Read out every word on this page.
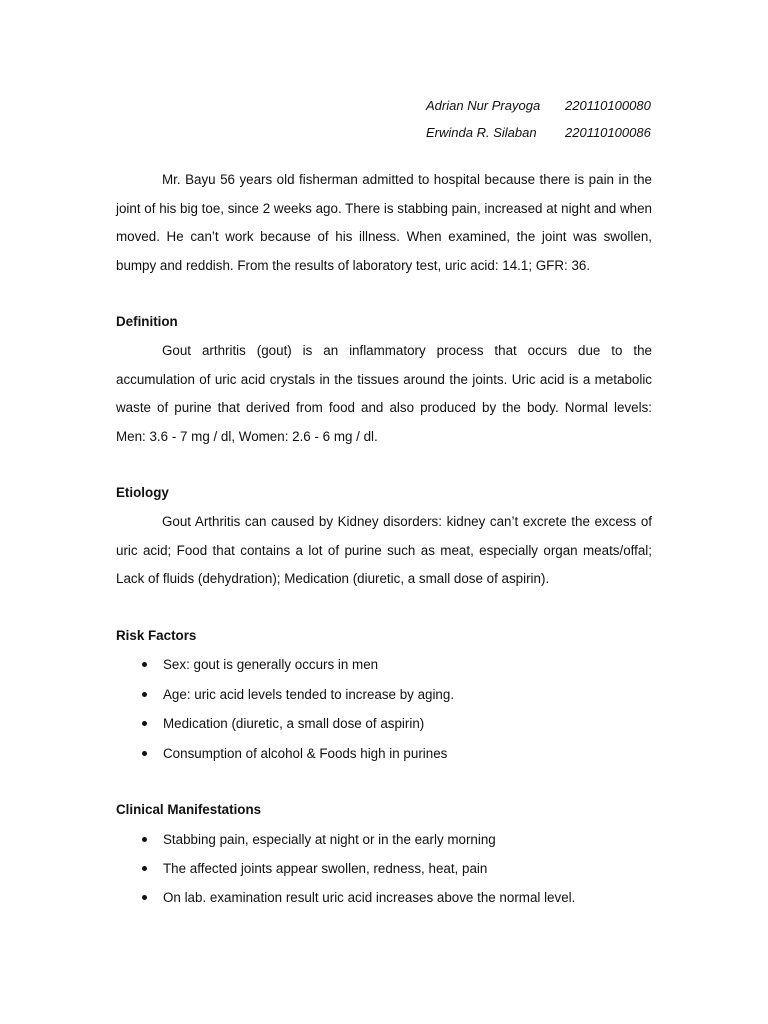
Adrian Nur Prayoga	220110100080
Erwinda R. Silaban	220110100086

Mr. Bayu 56 years old fisherman admitted to hospital because there is pain in the joint of his big toe, since 2 weeks ago. There is stabbing pain, increased at night and when moved. He can’t work because of his illness. When examined, the joint was swollen, bumpy and reddish. From the results of laboratory test, uric acid: 14.1; GFR: 36.

Definition

Gout arthritis (gout) is an inflammatory process that occurs due to the accumulation of uric acid crystals in the tissues around the joints. Uric acid is a metabolic waste of purine that derived from food and also produced by the body. Normal levels: Men: 3.6 - 7 mg / dl, Women: 2.6 - 6 mg / dl.

Etiology

Gout Arthritis can caused by Kidney disorders: kidney can’t excrete the excess of uric acid; Food that contains a lot of purine such as meat, especially organ meats/offal; Lack of fluids (dehydration); Medication (diuretic, a small dose of aspirin).

Risk Factors
Sex: gout is generally occurs in men
Age: uric acid levels tended to increase by aging.
Medication (diuretic, a small dose of aspirin)
Consumption of alcohol & Foods high in purines
Clinical Manifestations
Stabbing pain, especially at night or in the early morning
The affected joints appear swollen, redness, heat, pain
On lab. examination result uric acid increases above the normal level.
